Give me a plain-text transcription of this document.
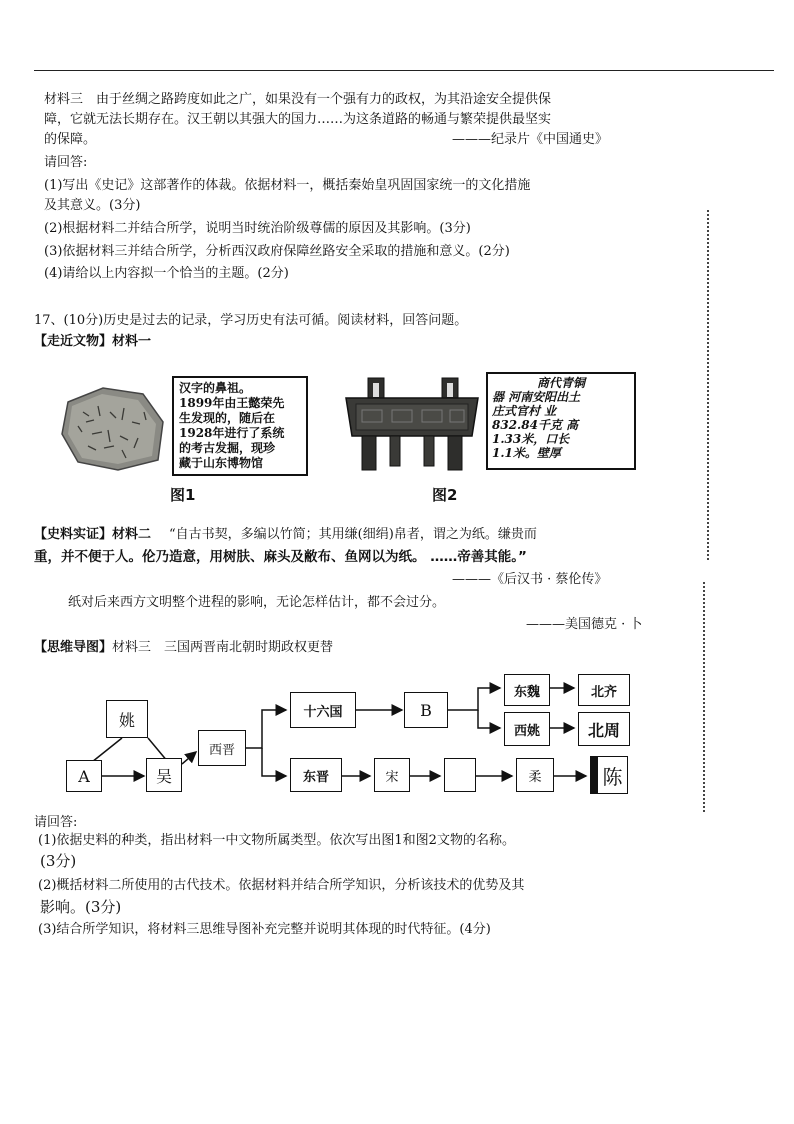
材料三　由于丝绸之路跨度如此之广，如果没有一个强有力的政权，为其沿途安全提供保
障，它就无法长期存在。汉王朝以其强大的国力……为这条道路的畅通与繁荣提供最坚实
的保障。	———纪录片《中国通史》
请回答:
(1)写出《史记》这部著作的体裁。依据材料一，概括秦始皇巩固国家统一的文化措施
及其意义。(3分)
(2)根据材料二并结合所学，说明当时统治阶级尊儒的原因及其影响。(3分)
(3)依据材料三并结合所学，分析西汉政府保障丝路安全采取的措施和意义。(2分)
(4)请给以上内容拟一个恰当的主题。(2分)
17、(10分)历史是过去的记录，学习历史有法可循。阅读材料，回答问题。
【走近文物】材料一
汉字的鼻祖。
1899年由王懿荣先
生发现的，随后在
1928年进行了系统
的考古发掘，现珍
藏于山东博物馆
图1
商代青铜
器 河南安阳出土
庄式官村 业
832.84千克 高
1.33米，口长
1.1米。壁厚
图2
【史料实证】材料二 “自古书契，多编以竹简；其用缣(细绢)帛者，谓之为纸。缣贵而
重，并不便于人。伦乃造意，用树肤、麻头及敝布、鱼网以为纸。 ……帝善其能。”
———《后汉书 · 蔡伦传》
纸对后来西方文明整个进程的影响，无论怎样估计，都不会过分。
———美国德克 · 卜
【思维导图】材料三　三国两晋南北朝时期政权更替
姚
A	吴
西晋
十六国	B
东魏	北齐
西姚	北周
东晋	宋	柔	陈
请回答:
(1)依据史料的种类，指出材料一中文物所属类型。依次写出图1和图2文物的名称。
(3分)
(2)概括材料二所使用的古代技术。依据材料并结合所学知识，分析该技术的优势及其
影响。(3分)
(3)结合所学知识，将材料三思维导图补充完整并说明其体现的时代特征。(4分)
